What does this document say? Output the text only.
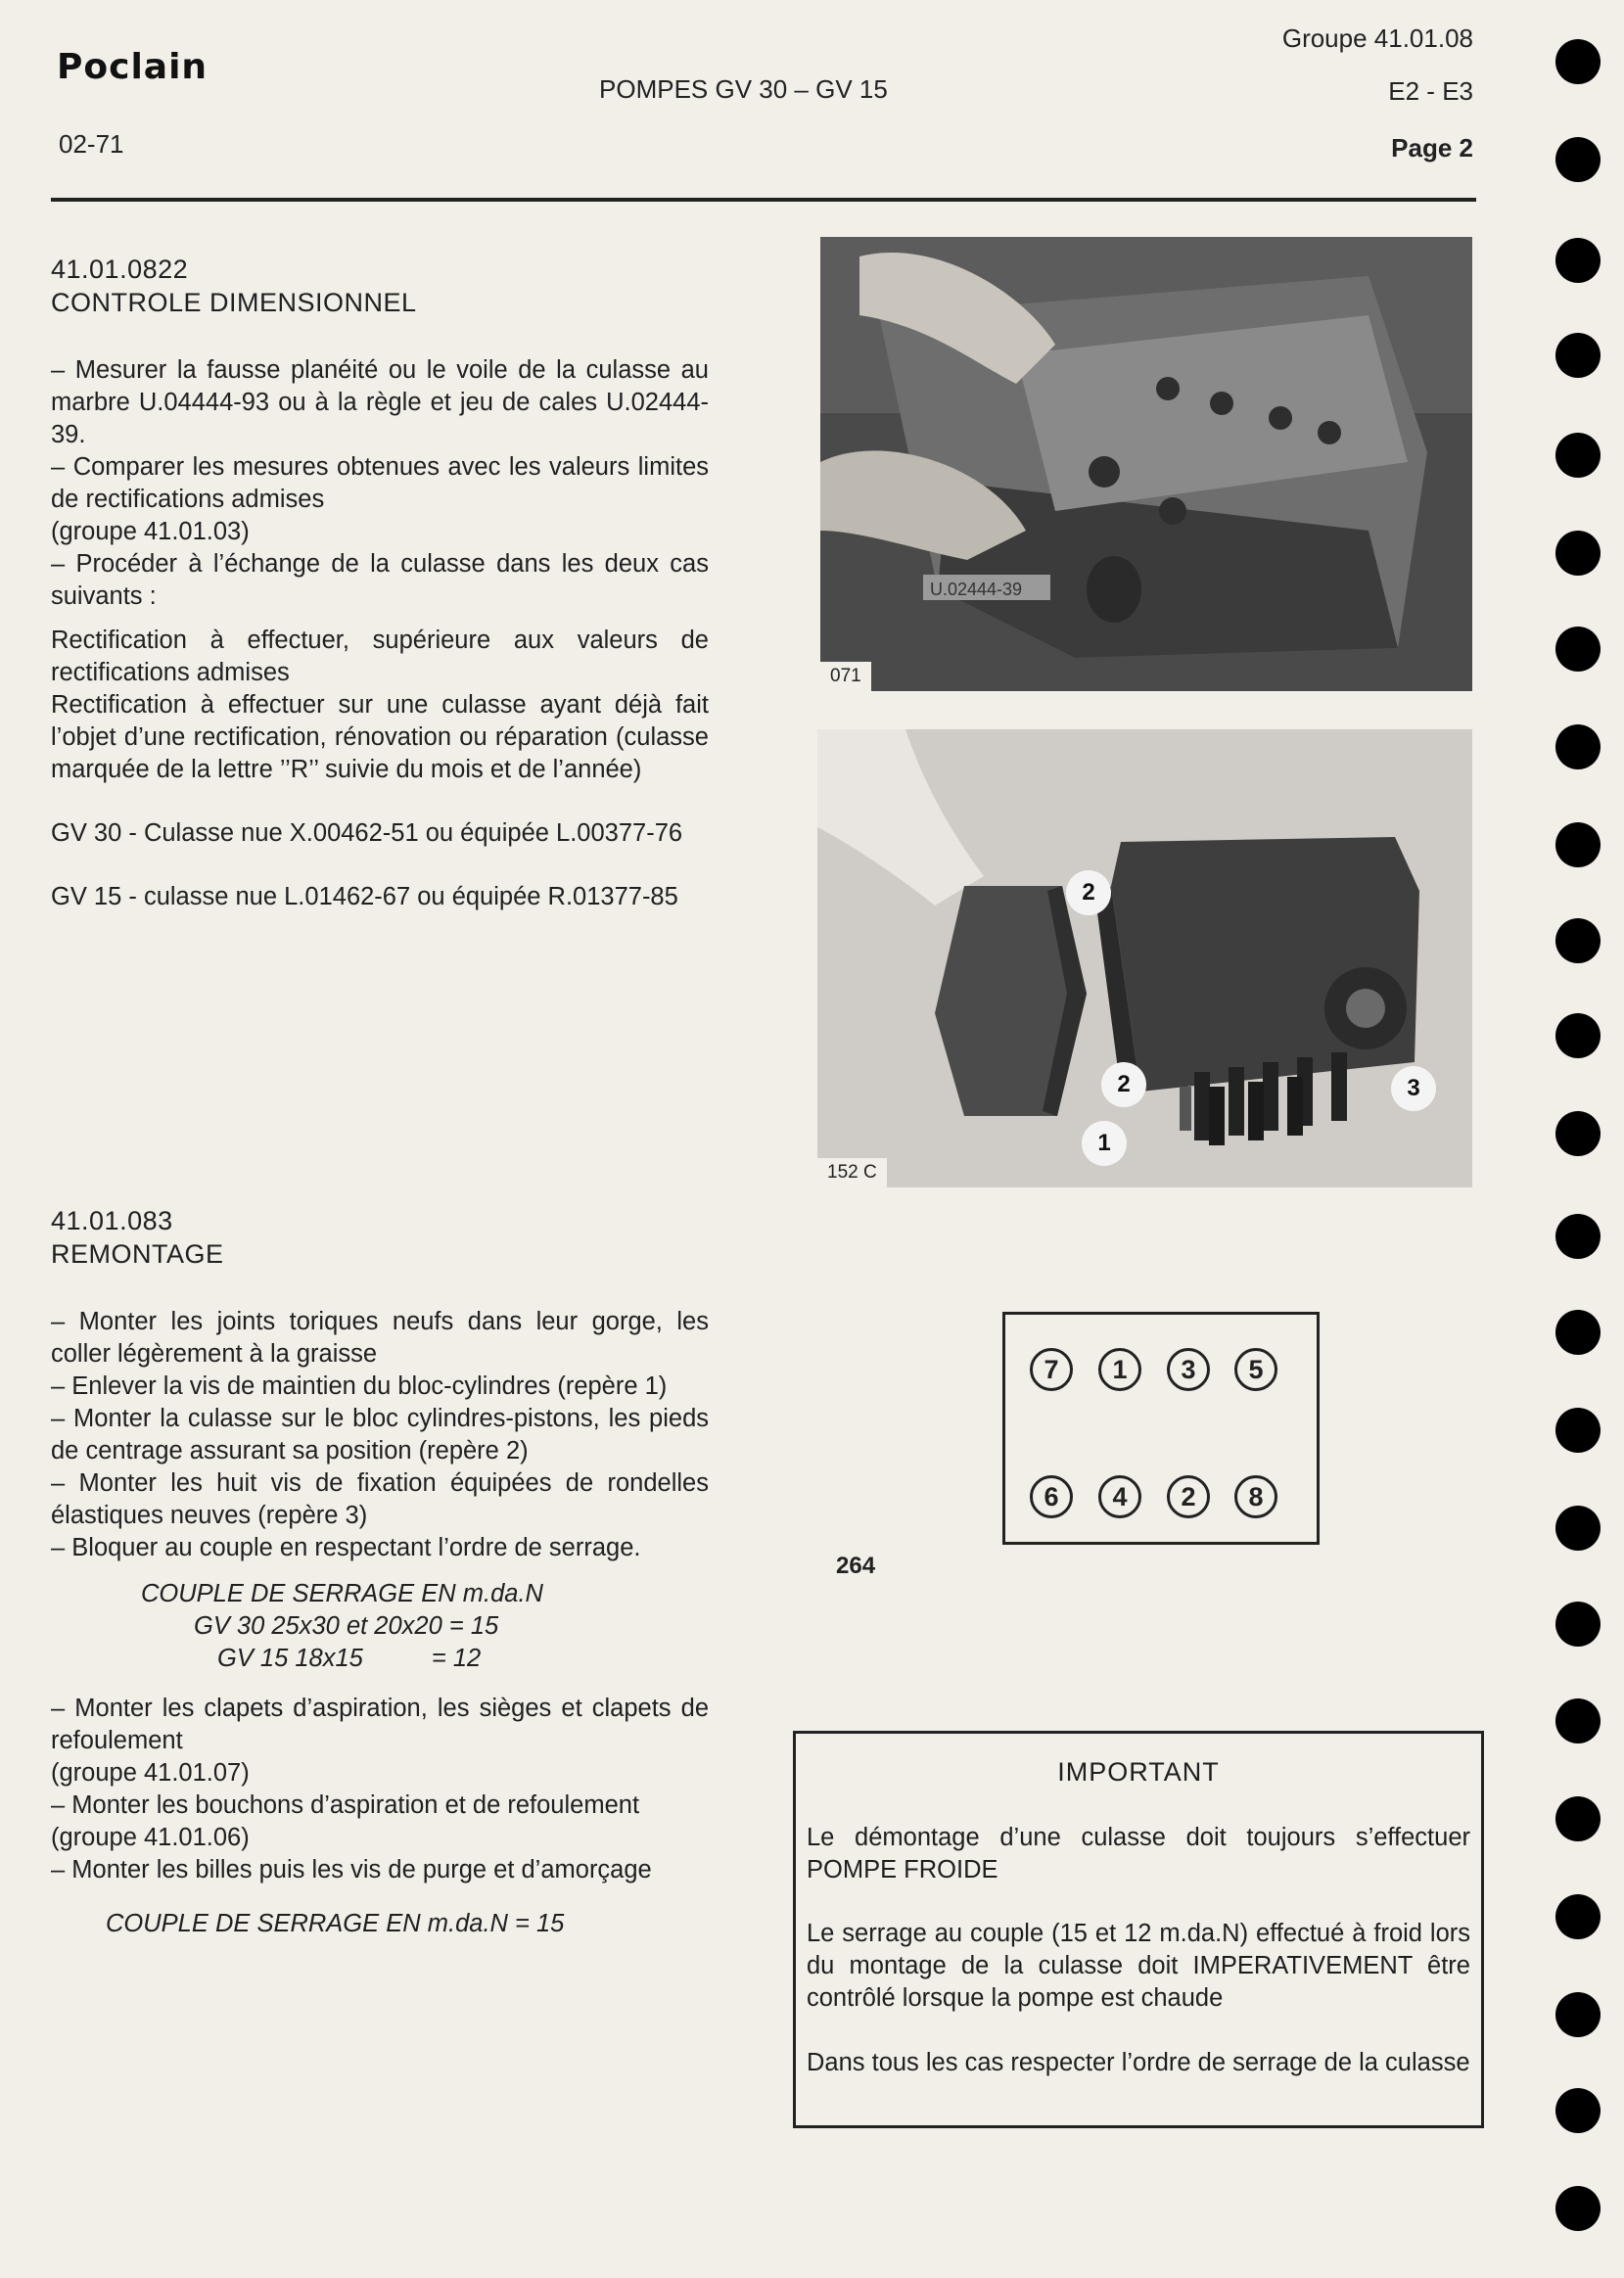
Poclain
02-71
POMPES GV 30 – GV 15
Groupe 41.01.08
E2 - E3
Page 2
41.01.0822
CONTROLE DIMENSIONNEL

– Mesurer la fausse planéité ou le voile de la culasse au marbre U.04444-93 ou à la règle et jeu de cales U.02444-39.

– Comparer les mesures obtenues avec les valeurs limites de rectifications admises

(groupe 41.01.03)

– Procéder à l’échange de la culasse dans les deux cas suivants :

Rectification à effectuer, supérieure aux valeurs de rectifications admises

Rectification à effectuer sur une culasse ayant déjà fait l’objet d’une rectification, rénovation ou réparation (culasse marquée de la lettre ’’R’’ suivie du mois et de l’année)

GV 30 - Culasse nue X.00462-51 ou équipée L.00377-76

GV 15 - culasse nue L.01462-67 ou équipée R.01377-85

41.01.083
REMONTAGE

– Monter les joints toriques neufs dans leur gorge, les coller légèrement à la graisse

– Enlever la vis de maintien du bloc-cylindres (repère 1)

– Monter la culasse sur le bloc cylindres-pistons, les pieds de centrage assurant sa position (repère 2)

– Monter les huit vis de fixation équipées de rondelles élastiques neuves (repère 3)

– Bloquer au couple en respectant l’ordre de serrage.

COUPLE DE SERRAGE EN m.da.N

GV 30 25x30 et 20x20 = 15

GV 15 18x15	= 12

– Monter les clapets d’aspiration, les sièges et clapets de refoulement

(groupe 41.01.07)

– Monter les bouchons d’aspiration et de refoulement

(groupe 41.01.06)

– Monter les billes puis les vis de purge et d’amorçage

COUPLE DE SERRAGE EN m.da.N = 15

U.02444-39
071
2
2
1
3
152 C
7	1	3	5
6	4	2	8
264
IMPORTANT
Le démontage d’une culasse doit toujours s’effectuer POMPE FROIDE
Le serrage au couple (15 et 12 m.da.N) effectué à froid lors du montage de la culasse doit IMPERATIVEMENT être contrôlé lorsque la pompe est chaude
Dans tous les cas respecter l’ordre de serrage de la culasse
